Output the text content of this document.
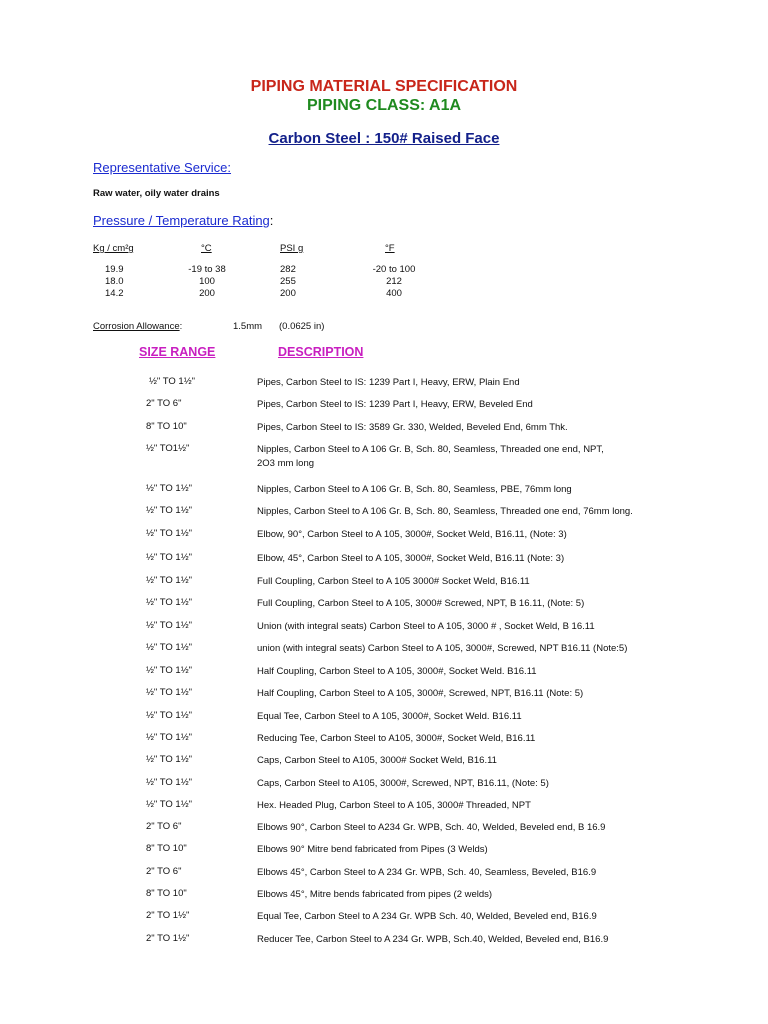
PIPING MATERIAL SPECIFICATION
PIPING CLASS: A1A
Carbon Steel : 150# Raised Face
Representative Service:
Raw water, oily water drains
Pressure / Temperature Rating:
Kg / cm²g	°C	PSI g	°F
19.9	-19 to 38	282	-20 to 100
18.0	100	255	212
14.2	200	200	400
Corrosion Allowance:	1.5mm (0.0625 in)
SIZE RANGE	DESCRIPTION
½" TO 1½"	Pipes, Carbon Steel to IS: 1239 Part I, Heavy, ERW, Plain End
2" TO 6"	Pipes, Carbon Steel to IS: 1239 Part I, Heavy, ERW, Beveled End
8" TO 10"	Pipes, Carbon Steel to IS: 3589 Gr. 330, Welded, Beveled End, 6mm Thk.
½" TO1½"	Nipples, Carbon Steel to A 106 Gr. B, Sch. 80, Seamless, Threaded one end, NPT,
2O3 mm long
½" TO 1½"	Nipples, Carbon Steel to A 106 Gr. B, Sch. 80, Seamless, PBE, 76mm long
½" TO 1½"	Nipples, Carbon Steel to A 106 Gr. B, Sch. 80, Seamless, Threaded one end, 76mm long.
½" TO 1½"	Elbow, 90°, Carbon Steel to A 105, 3000#, Socket Weld, B16.11, (Note: 3)
½" TO 1½"	Elbow, 45°, Carbon Steel to A 105, 3000#, Socket Weld, B16.11 (Note: 3)
½" TO 1½"	Full Coupling, Carbon Steel to A 105 3000# Socket Weld, B16.11
½" TO 1½"	Full Coupling, Carbon Steel to A 105, 3000# Screwed, NPT, B 16.11, (Note: 5)
½" TO 1½"	Union (with integral seats) Carbon Steel to A 105, 3000 # , Socket Weld, B 16.11
½" TO 1½"	union (with integral seats) Carbon Steel to A 105, 3000#, Screwed, NPT B16.11 (Note:5)
½" TO 1½"	Half Coupling, Carbon Steel to A 105, 3000#, Socket Weld. B16.11
½" TO 1½"	Half Coupling, Carbon Steel to A 105, 3000#, Screwed, NPT, B16.11 (Note: 5)
½" TO 1½"	Equal Tee, Carbon Steel to A 105, 3000#, Socket Weld. B16.11
½" TO 1½"	Reducing Tee, Carbon Steel to A105, 3000#, Socket Weld, B16.11
½" TO 1½"	Caps, Carbon Steel to A105, 3000# Socket Weld, B16.11
½" TO 1½"	Caps, Carbon Steel to A105, 3000#, Screwed, NPT, B16.11, (Note: 5)
½" TO 1½"	Hex. Headed Plug, Carbon Steel to A 105, 3000# Threaded, NPT
2" TO 6"	Elbows 90°, Carbon Steel to A234 Gr. WPB, Sch. 40, Welded, Beveled end, B 16.9
8" TO 10"	Elbows 90° Mitre bend fabricated from Pipes (3 Welds)
2" TO 6"	Elbows 45°, Carbon Steel to A 234 Gr. WPB, Sch. 40, Seamless, Beveled, B16.9
8" TO 10"	Elbows 45°, Mitre bends fabricated from pipes (2 welds)
2" TO 1½"	Equal Tee, Carbon Steel to A 234 Gr. WPB Sch. 40, Welded, Beveled end, B16.9
2" TO 1½"	Reducer Tee, Carbon Steel to A 234 Gr. WPB, Sch.40, Welded, Beveled end, B16.9
